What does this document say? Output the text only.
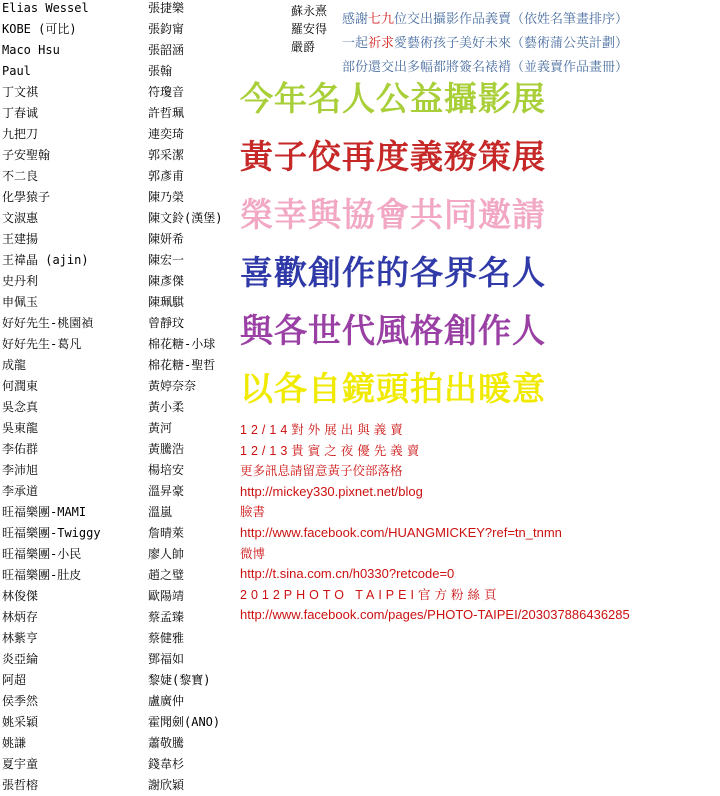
Elias Wessel
KOBE (可比)
Maco Hsu
Paul
丁文祺
丁春诚
九把刀
子安聖翰
不二良
化學猿子
文淑惠
王建揚
王禕晶 (ajin)
史丹利
申佩玉
好好先生-桃園禎
好好先生-葛凡
成龍
何潤東
吳念真
吳東龍
李佑群
李沛旭
李承道
旺福樂團-MAMI
旺福樂團-Twiggy
旺福樂團-小民
旺福樂團-肚皮
林俊傑
林炳存
林紫亨
炎亞綸
阿超
侯季然
姚采穎
姚謙
夏宇童
張哲榕
張捷樂
張鈞甯
張韶涵
張翰
符瓊音
許哲珮
連奕琦
郭采潔
郭彥甫
陳乃榮
陳文鈴(漢堡)
陳妍希
陳宏一
陳彥傑
陳珮騏
曾靜玟
棉花糖-小球
棉花糖-聖哲
黃婷奈奈
黃小柔
黃河
黃騰浩
楊培安
溫昇豪
溫嵐
詹晴萊
廖人帥
趙之璧
歐陽靖
蔡孟臻
蔡健雅
鄧福如
黎婕(黎寶)
盧廣仲
霍聞劍(ANO)
蕭敬騰
錢韋杉
謝欣穎
蘇永熹
羅安得
嚴爵
感謝七九位交出攝影作品義賣（依姓名筆畫排序）
一起祈求愛藝術孩子美好未來（藝術蒲公英計劃）
部份還交出多幅都將簽名裱褙（並義賣作品畫冊）
今年名人公益攝影展
黃子佼再度義務策展
榮幸與協會共同邀請
喜歡創作的各界名人
與各世代風格創作人
以各自鏡頭拍出暖意
12/14對外展出與義賣
12/13貴賓之夜優先義賣
更多訊息請留意黃子佼部落格
http://mickey330.pixnet.net/blog
臉書
http://www.facebook.com/HUANGMICKEY?ref=tn_tnmn
微博
http://t.sina.com.cn/h0330?retcode=0
2012PHOTO TAIPEI官方粉絲頁
http://www.facebook.com/pages/PHOTO-TAIPEI/203037886436285
